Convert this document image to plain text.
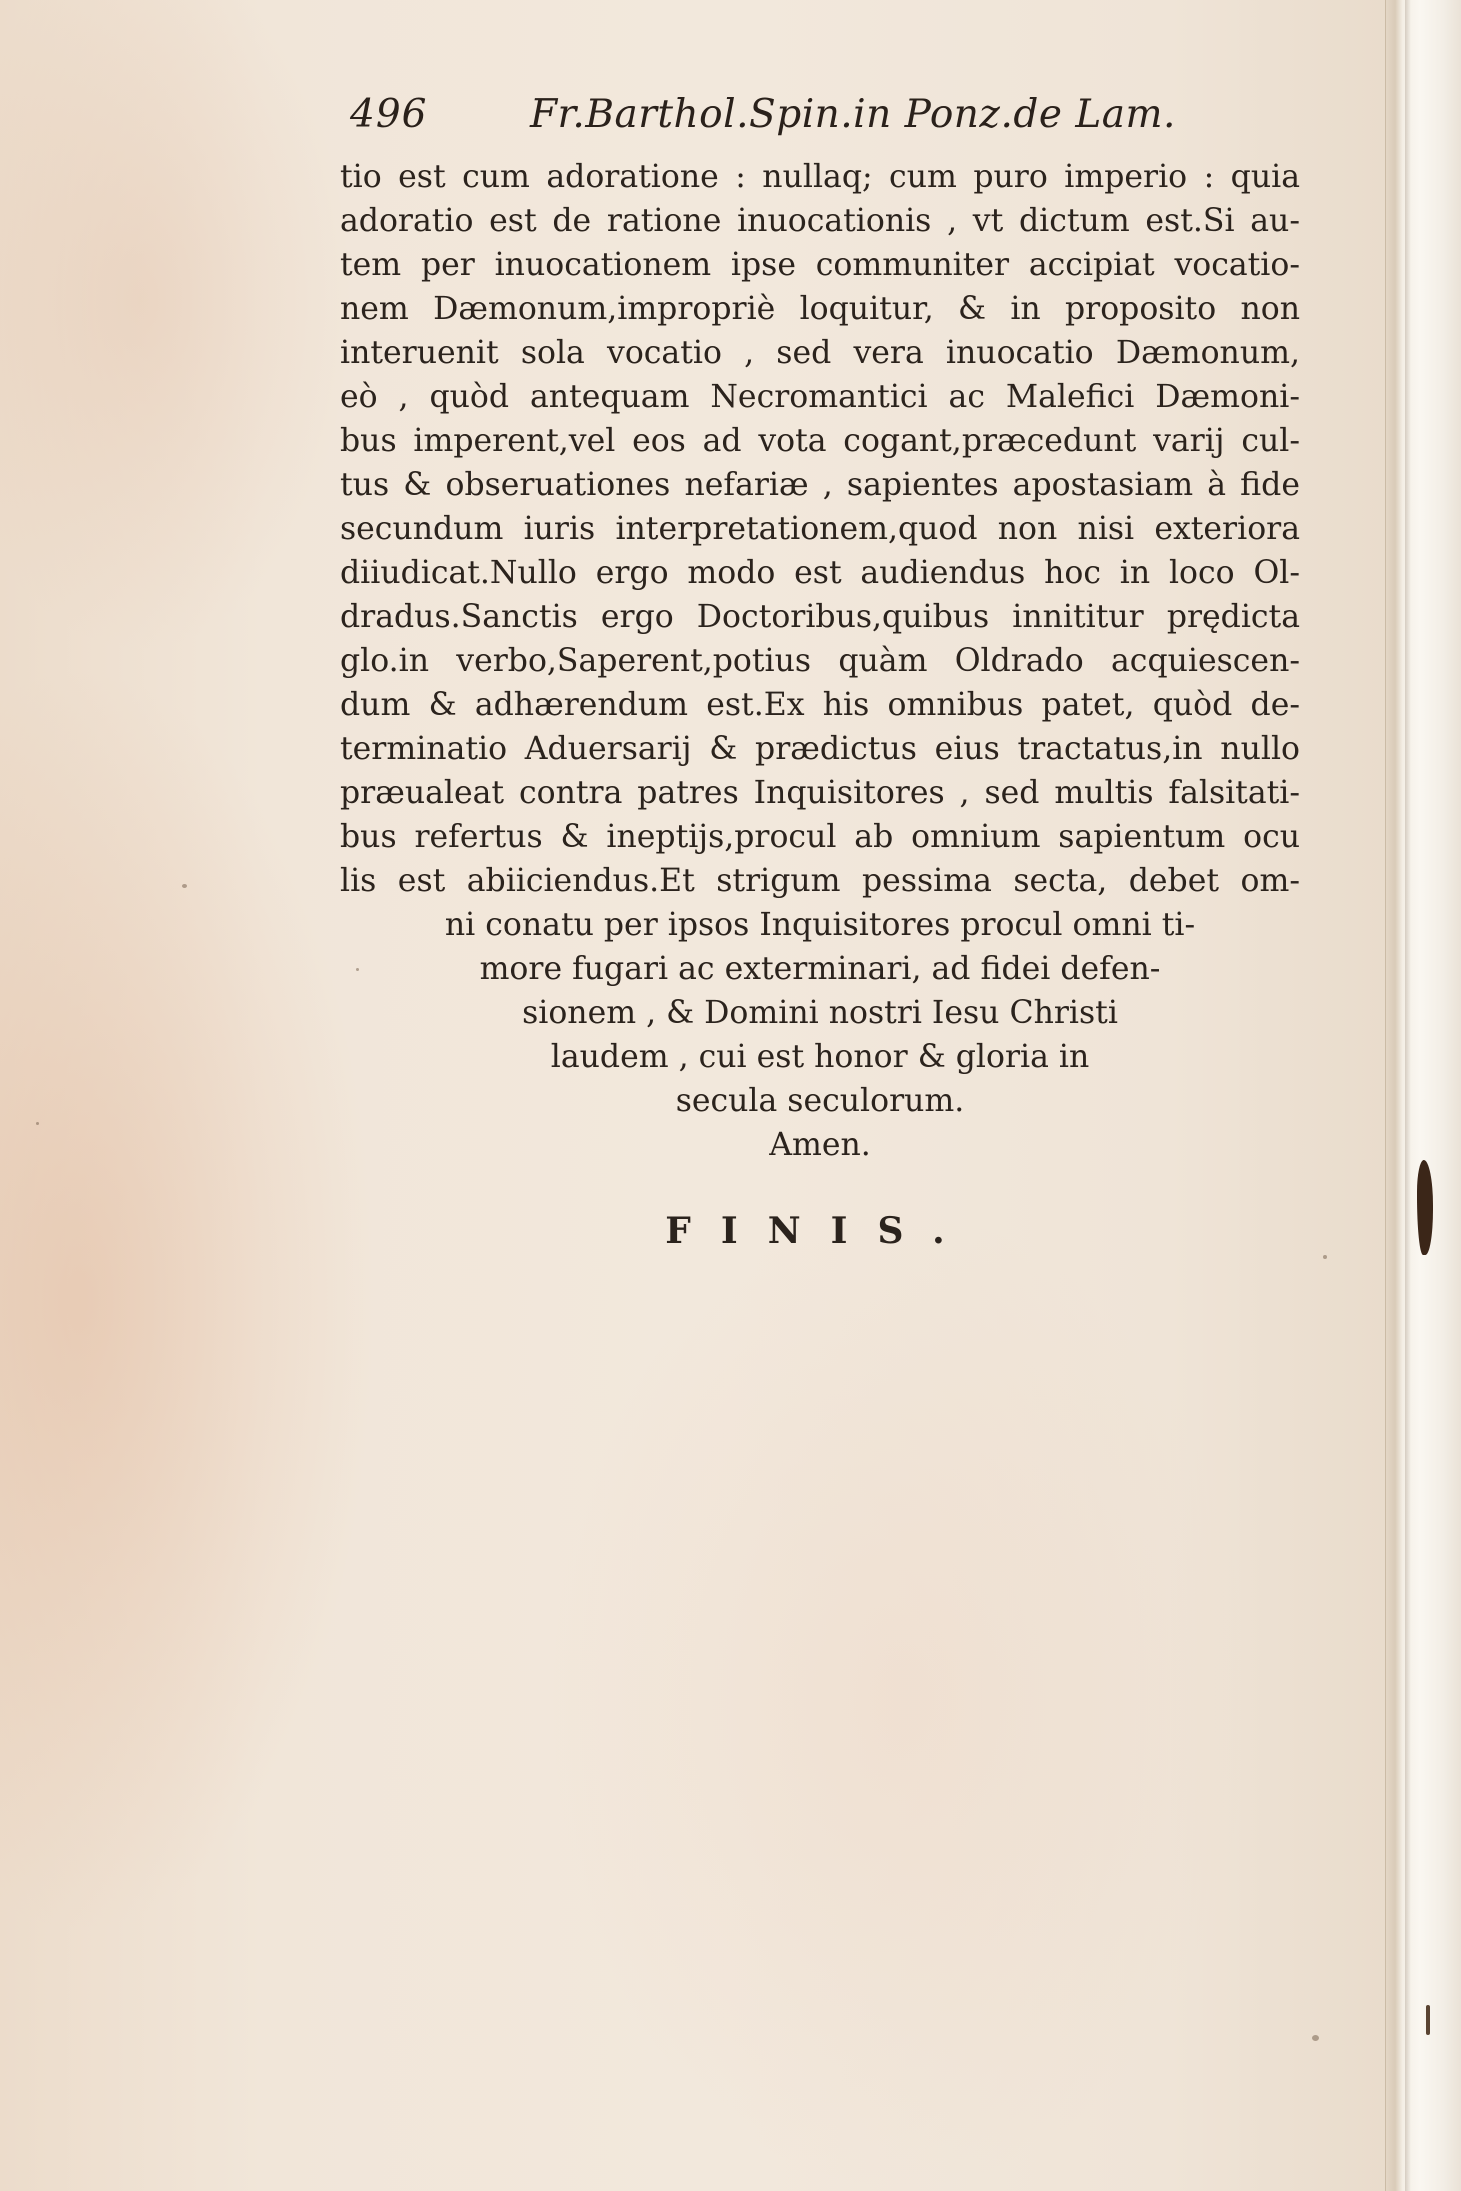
496	Fr.Barthol.Spin.in Ponz.de Lam.
tio est cum adoratione : nullaq; cum puro imperio : quia
adoratio est de ratione inuocationis , vt dictum est.Si au-
tem per inuocationem ipse communiter accipiat vocatio-
nem Dæmonum,impropriè loquitur, & in proposito non
interuenit sola vocatio , sed vera inuocatio Dæmonum,
eò , quòd antequam Necromantici ac Malefici Dæmoni-
bus imperent,vel eos ad vota cogant,præcedunt varij cul-
tus & obseruationes nefariæ , sapientes apostasiam à fide
secundum iuris interpretationem,quod non nisi exteriora
diiudicat.Nullo ergo modo est audiendus hoc in loco Ol-
dradus.Sanctis ergo Doctoribus,quibus innititur prędicta
glo.in verbo,Saperent,potius quàm Oldrado acquiescen-
dum & adhærendum est.Ex his omnibus patet, quòd de-
terminatio Aduersarij & prædictus eius tractatus,in nullo
præualeat contra patres Inquisitores , sed multis falsitati-
bus refertus & ineptijs,procul ab omnium sapientum ocu
lis est abiiciendus.Et strigum pessima secta, debet om-
ni conatu per ipsos Inquisitores procul omni ti-
more fugari ac exterminari, ad fidei defen-
sionem , & Domini nostri Iesu Christi
laudem , cui est honor & gloria in
secula seculorum.
Amen.
FINIS.
